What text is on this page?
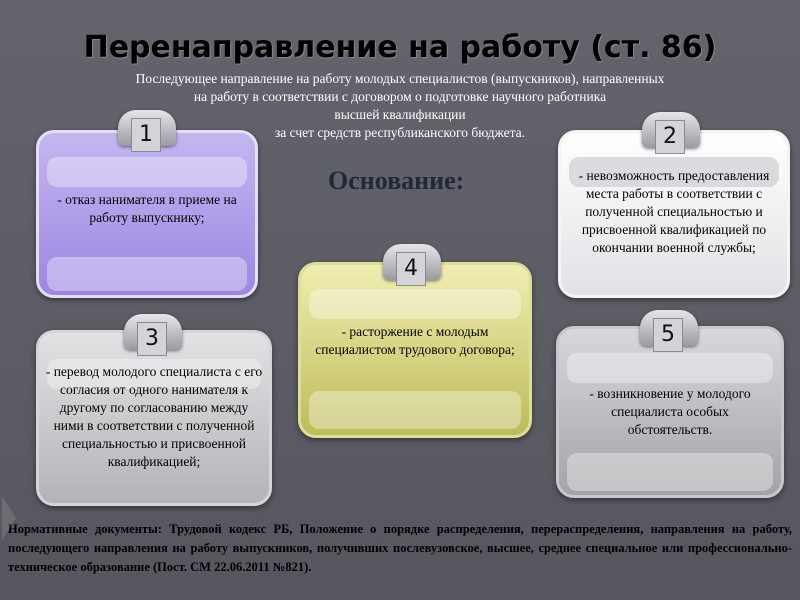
Перенаправление на работу (ст. 86)
Последующее направление на работу молодых специалистов (выпускников), направленных
на работу в соответствии с договором о подготовке научного работника
высшей квалификации
за счет средств республиканского бюджета.
Основание:
- отказ нанимателя в приеме на работу выпускнику;
1
- невозможность предоставления места работы в соответствии с полученной специальностью и присвоенной квалификацией по окончании военной службы;
2
- расторжение с молодым специалистом трудового договора;
4
- перевод молодого специалиста с его согласия от одного нанимателя к другому по согласованию между ними в соответствии с полученной специальностью и присвоенной квалификацией;
3
- возникновение у молодого специалиста особых обстоятельств.
5
Нормативные документы: Трудовой кодекс РБ, Положение о порядке распределения, перераспределения, направления на работу, последующего направления на работу выпускников, получивших послевузовское, высшее, среднее специальное или профессионально-техническое образование (Пост. СМ 22.06.2011 №821).
